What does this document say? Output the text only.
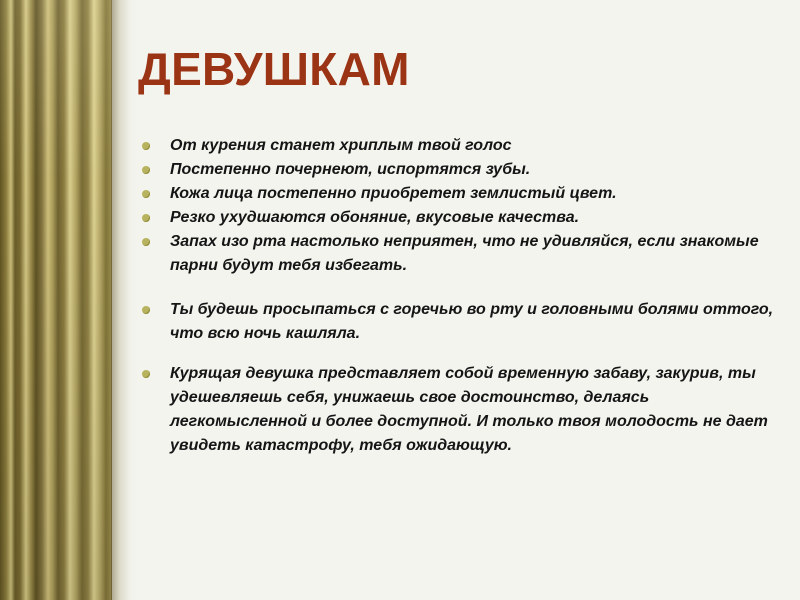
ДЕВУШКАМ
От курения станет хриплым твой голос
Постепенно почернеют, испортятся зубы.
Кожа лица постепенно приобретет землистый цвет.
Резко ухудшаются обоняние, вкусовые качества.
Запах изо рта настолько неприятен, что не удивляйся, если знакомые парни будут тебя избегать.
Ты будешь просыпаться с горечью во рту и головными болями оттого, что всю ночь кашляла.
Курящая девушка представляет собой временную забаву, закурив, ты удешевляешь себя, унижаешь свое достоинство, делаясь легкомысленной и более доступной. И только твоя молодость не дает увидеть катастрофу, тебя ожидающую.
